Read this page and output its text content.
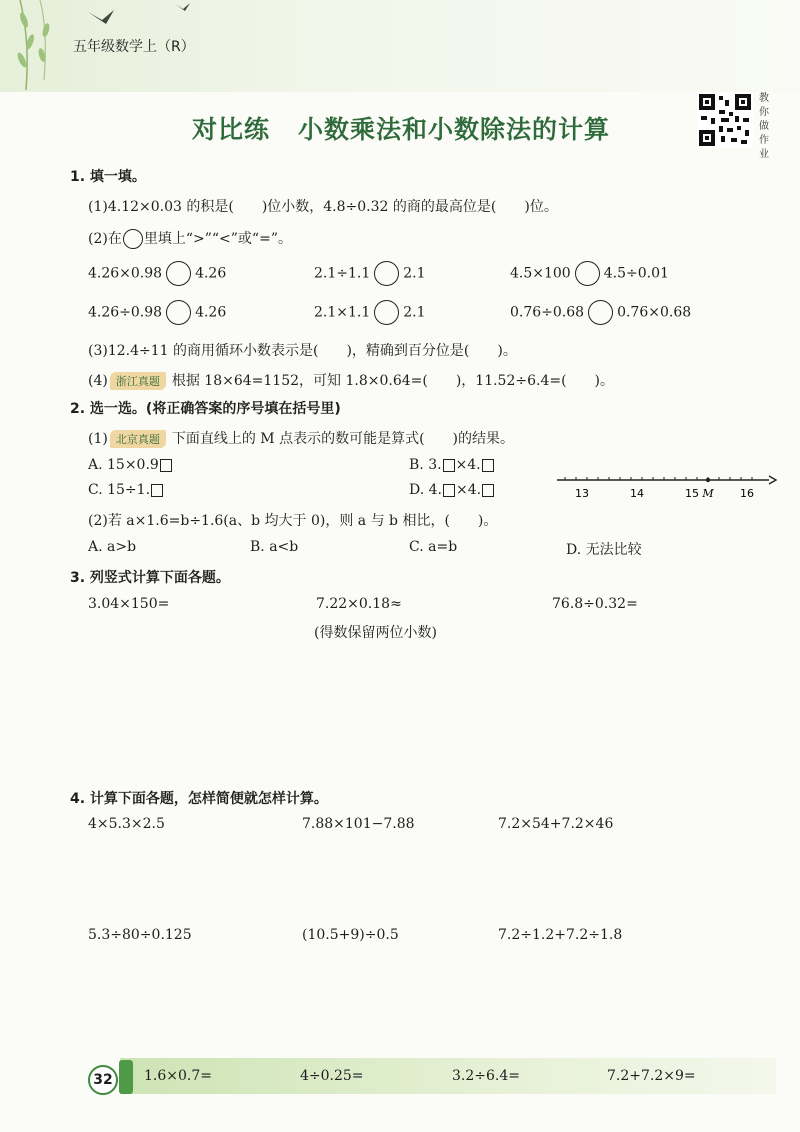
五年级数学上（R）
对比练 小数乘法和小数除法的计算
教你做作业
1. 填一填。
(1)4.12×0.03 的积是(　　)位小数，4.8÷0.32 的商的最高位是(　　)位。
(2)在 里填上“>”“<”或“=”。
4.26×0.98 4.26	2.1÷1.1 2.1	4.5×100 4.5÷0.01
4.26÷0.98 4.26	2.1×1.1 2.1	0.76÷0.68 0.76×0.68
(3)12.4÷11 的商用循环小数表示是(　　)，精确到百分位是(　　)。
(4) 浙江真题 根据 18×64=1152，可知 1.8×0.64=(　　)，11.52÷6.4=(　　)。
2. 选一选。(将正确答案的序号填在括号里)
(1) 北京真题 下面直线上的 M 点表示的数可能是算式(　　)的结果。
A. 15×0.9	B. 3. ×4.
C. 15÷1.	D. 4. ×4.	13	14	15	16
M
(2)若 a×1.6=b÷1.6(a、b 均大于 0)，则 a 与 b 相比，(　　)。
A. a>b	B. a<b	C. a=b	D. 无法比较
3. 列竖式计算下面各题。
3.04×150=	7.22×0.18≈	76.8÷0.32=
(得数保留两位小数)
4. 计算下面各题，怎样简便就怎样计算。
4×5.3×2.5	7.88×101−7.88	7.2×54+7.2×46
5.3÷80÷0.125	(10.5+9)÷0.5	7.2÷1.2+7.2÷1.8
32	1.6×0.7=	4÷0.25=	3.2÷6.4=	7.2+7.2×9=
